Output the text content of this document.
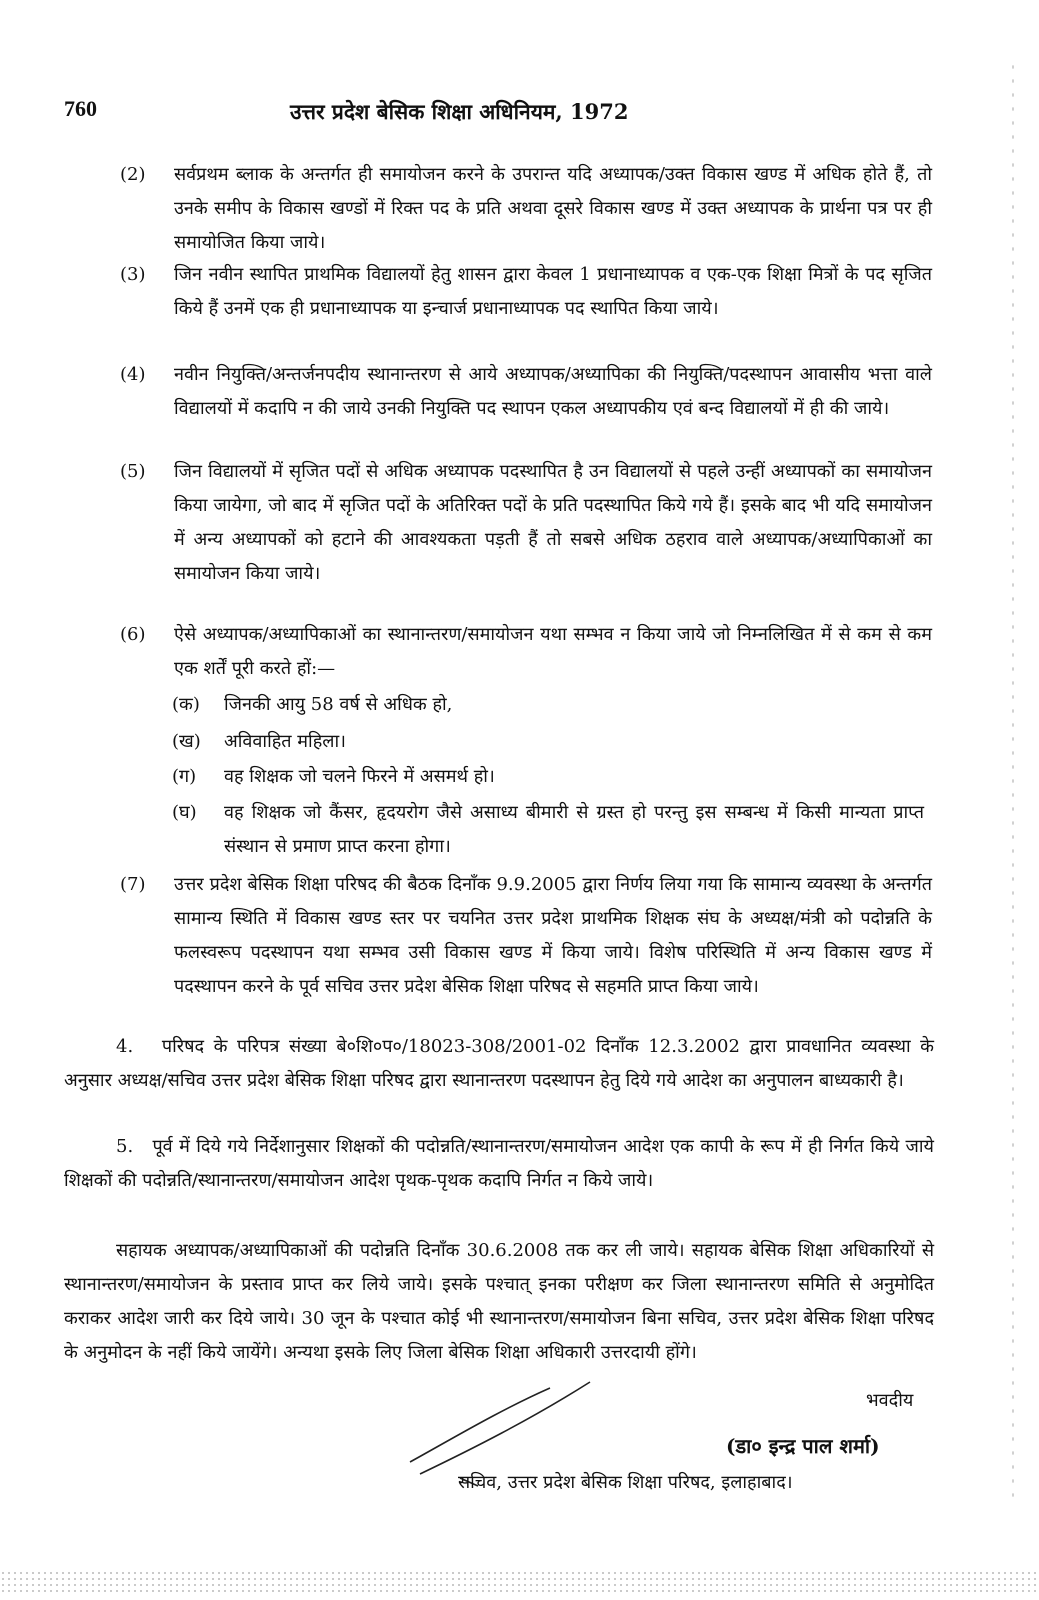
760	उत्तर प्रदेश बेसिक शिक्षा अधिनियम, 1972
(2) सर्वप्रथम ब्लाक के अन्तर्गत ही समायोजन करने के उपरान्त यदि अध्यापक/उक्त विकास खण्ड में अधिक होते हैं, तो उनके समीप के विकास खण्डों में रिक्त पद के प्रति अथवा दूसरे विकास खण्ड में उक्त अध्यापक के प्रार्थना पत्र पर ही समायोजित किया जाये।
(3) जिन नवीन स्थापित प्राथमिक विद्यालयों हेतु शासन द्वारा केवल 1 प्रधानाध्यापक व एक-एक शिक्षा मित्रों के पद सृजित किये हैं उनमें एक ही प्रधानाध्यापक या इन्चार्ज प्रधानाध्यापक पद स्थापित किया जाये।
(4) नवीन नियुक्ति/अन्तर्जनपदीय स्थानान्तरण से आये अध्यापक/अध्यापिका की नियुक्ति/पदस्थापन आवासीय भत्ता वाले विद्यालयों में कदापि न की जाये उनकी नियुक्ति पद स्थापन एकल अध्यापकीय एवं बन्द विद्यालयों में ही की जाये।
(5) जिन विद्यालयों में सृजित पदों से अधिक अध्यापक पदस्थापित है उन विद्यालयों से पहले उन्हीं अध्यापकों का समायोजन किया जायेगा, जो बाद में सृजित पदों के अतिरिक्त पदों के प्रति पदस्थापित किये गये हैं। इसके बाद भी यदि समायोजन में अन्य अध्यापकों को हटाने की आवश्यकता पड़ती हैं तो सबसे अधिक ठहराव वाले अध्यापक/अध्यापिकाओं का समायोजन किया जाये।
(6) ऐसे अध्यापक/अध्यापिकाओं का स्थानान्तरण/समायोजन यथा सम्भव न किया जाये जो निम्नलिखित में से कम से कम एक शर्तें पूरी करते हों:—
(क) जिनकी आयु 58 वर्ष से अधिक हो,
(ख) अविवाहित महिला।
(ग) वह शिक्षक जो चलने फिरने में असमर्थ हो।
(घ) वह शिक्षक जो कैंसर, हृदयरोग जैसे असाध्य बीमारी से ग्रस्त हो परन्तु इस सम्बन्ध में किसी मान्यता प्राप्त संस्थान से प्रमाण प्राप्त करना होगा।
(7) उत्तर प्रदेश बेसिक शिक्षा परिषद की बैठक दिनाँक 9.9.2005 द्वारा निर्णय लिया गया कि सामान्य व्यवस्था के अन्तर्गत सामान्य स्थिति में विकास खण्ड स्तर पर चयनित उत्तर प्रदेश प्राथमिक शिक्षक संघ के अध्यक्ष/मंत्री को पदोन्नति के फलस्वरूप पदस्थापन यथा सम्भव उसी विकास खण्ड में किया जाये। विशेष परिस्थिति में अन्य विकास खण्ड में पदस्थापन करने के पूर्व सचिव उत्तर प्रदेश बेसिक शिक्षा परिषद से सहमति प्राप्त किया जाये।
4. परिषद के परिपत्र संख्या बे०शि०प०/18023-308/2001-02 दिनाँक 12.3.2002 द्वारा प्रावधानित व्यवस्था के अनुसार अध्यक्ष/सचिव उत्तर प्रदेश बेसिक शिक्षा परिषद द्वारा स्थानान्तरण पदस्थापन हेतु दिये गये आदेश का अनुपालन बाध्यकारी है।
5. पूर्व में दिये गये निर्देशानुसार शिक्षकों की पदोन्नति/स्थानान्तरण/समायोजन आदेश एक कापी के रूप में ही निर्गत किये जाये शिक्षकों की पदोन्नति/स्थानान्तरण/समायोजन आदेश पृथक-पृथक कदापि निर्गत न किये जाये।
सहायक अध्यापक/अध्यापिकाओं की पदोन्नति दिनाँक 30.6.2008 तक कर ली जाये। सहायक बेसिक शिक्षा अधिकारियों से स्थानान्तरण/समायोजन के प्रस्ताव प्राप्त कर लिये जाये। इसके पश्चात् इनका परीक्षण कर जिला स्थानान्तरण समिति से अनुमोदित कराकर आदेश जारी कर दिये जाये। 30 जून के पश्चात कोई भी स्थानान्तरण/समायोजन बिना सचिव, उत्तर प्रदेश बेसिक शिक्षा परिषद के अनुमोदन के नहीं किये जायेंगे। अन्यथा इसके लिए जिला बेसिक शिक्षा अधिकारी उत्तरदायी होंगे।
भवदीय
(डा० इन्द्र पाल शर्मा)
सचिव, उत्तर प्रदेश बेसिक शिक्षा परिषद, इलाहाबाद।
